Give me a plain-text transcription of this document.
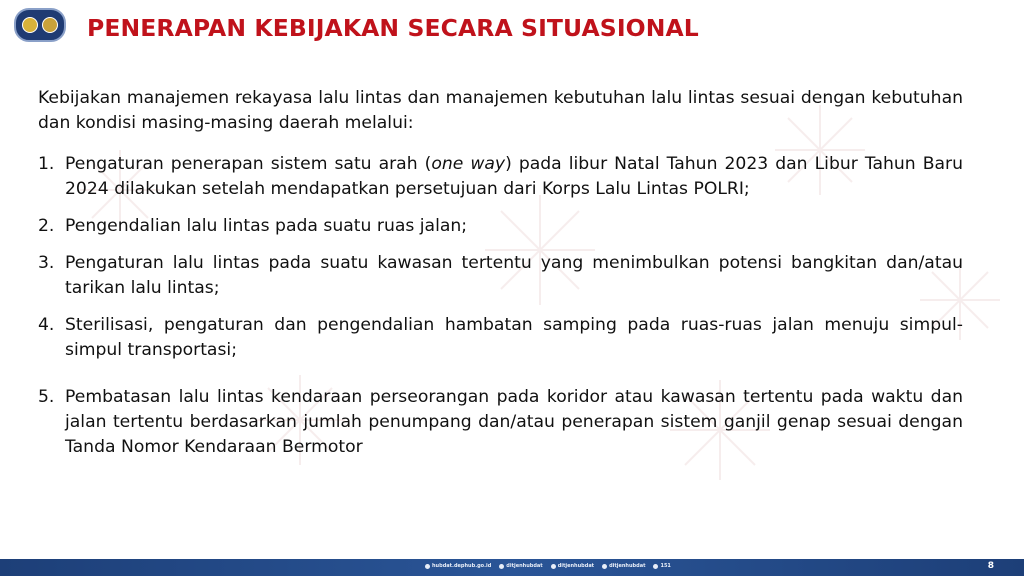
PENERAPAN KEBIJAKAN SECARA SITUASIONAL

Kebijakan manajemen rekayasa lalu lintas dan manajemen kebutuhan lalu lintas sesuai dengan kebutuhan dan kondisi masing-masing daerah melalui:

1. Pengaturan penerapan sistem satu arah (one way) pada libur Natal Tahun 2023 dan Libur Tahun Baru 2024 dilakukan setelah mendapatkan persetujuan dari Korps Lalu Lintas POLRI;
2. Pengendalian lalu lintas pada suatu ruas jalan;
3. Pengaturan lalu lintas pada suatu kawasan tertentu yang menimbulkan potensi bangkitan dan/atau tarikan lalu lintas;
4. Sterilisasi, pengaturan dan pengendalian hambatan samping pada ruas-ruas jalan menuju simpul-simpul transportasi;
5. Pembatasan lalu lintas kendaraan perseorangan pada koridor atau kawasan tertentu pada waktu dan jalan tertentu berdasarkan jumlah penumpang dan/atau penerapan sistem ganjil genap sesuai dengan Tanda Nomor Kendaraan Bermotor
hubdat.dephub.go.id	ditjenhubdat	ditjenhubdat	ditjenhubdat	151	8
